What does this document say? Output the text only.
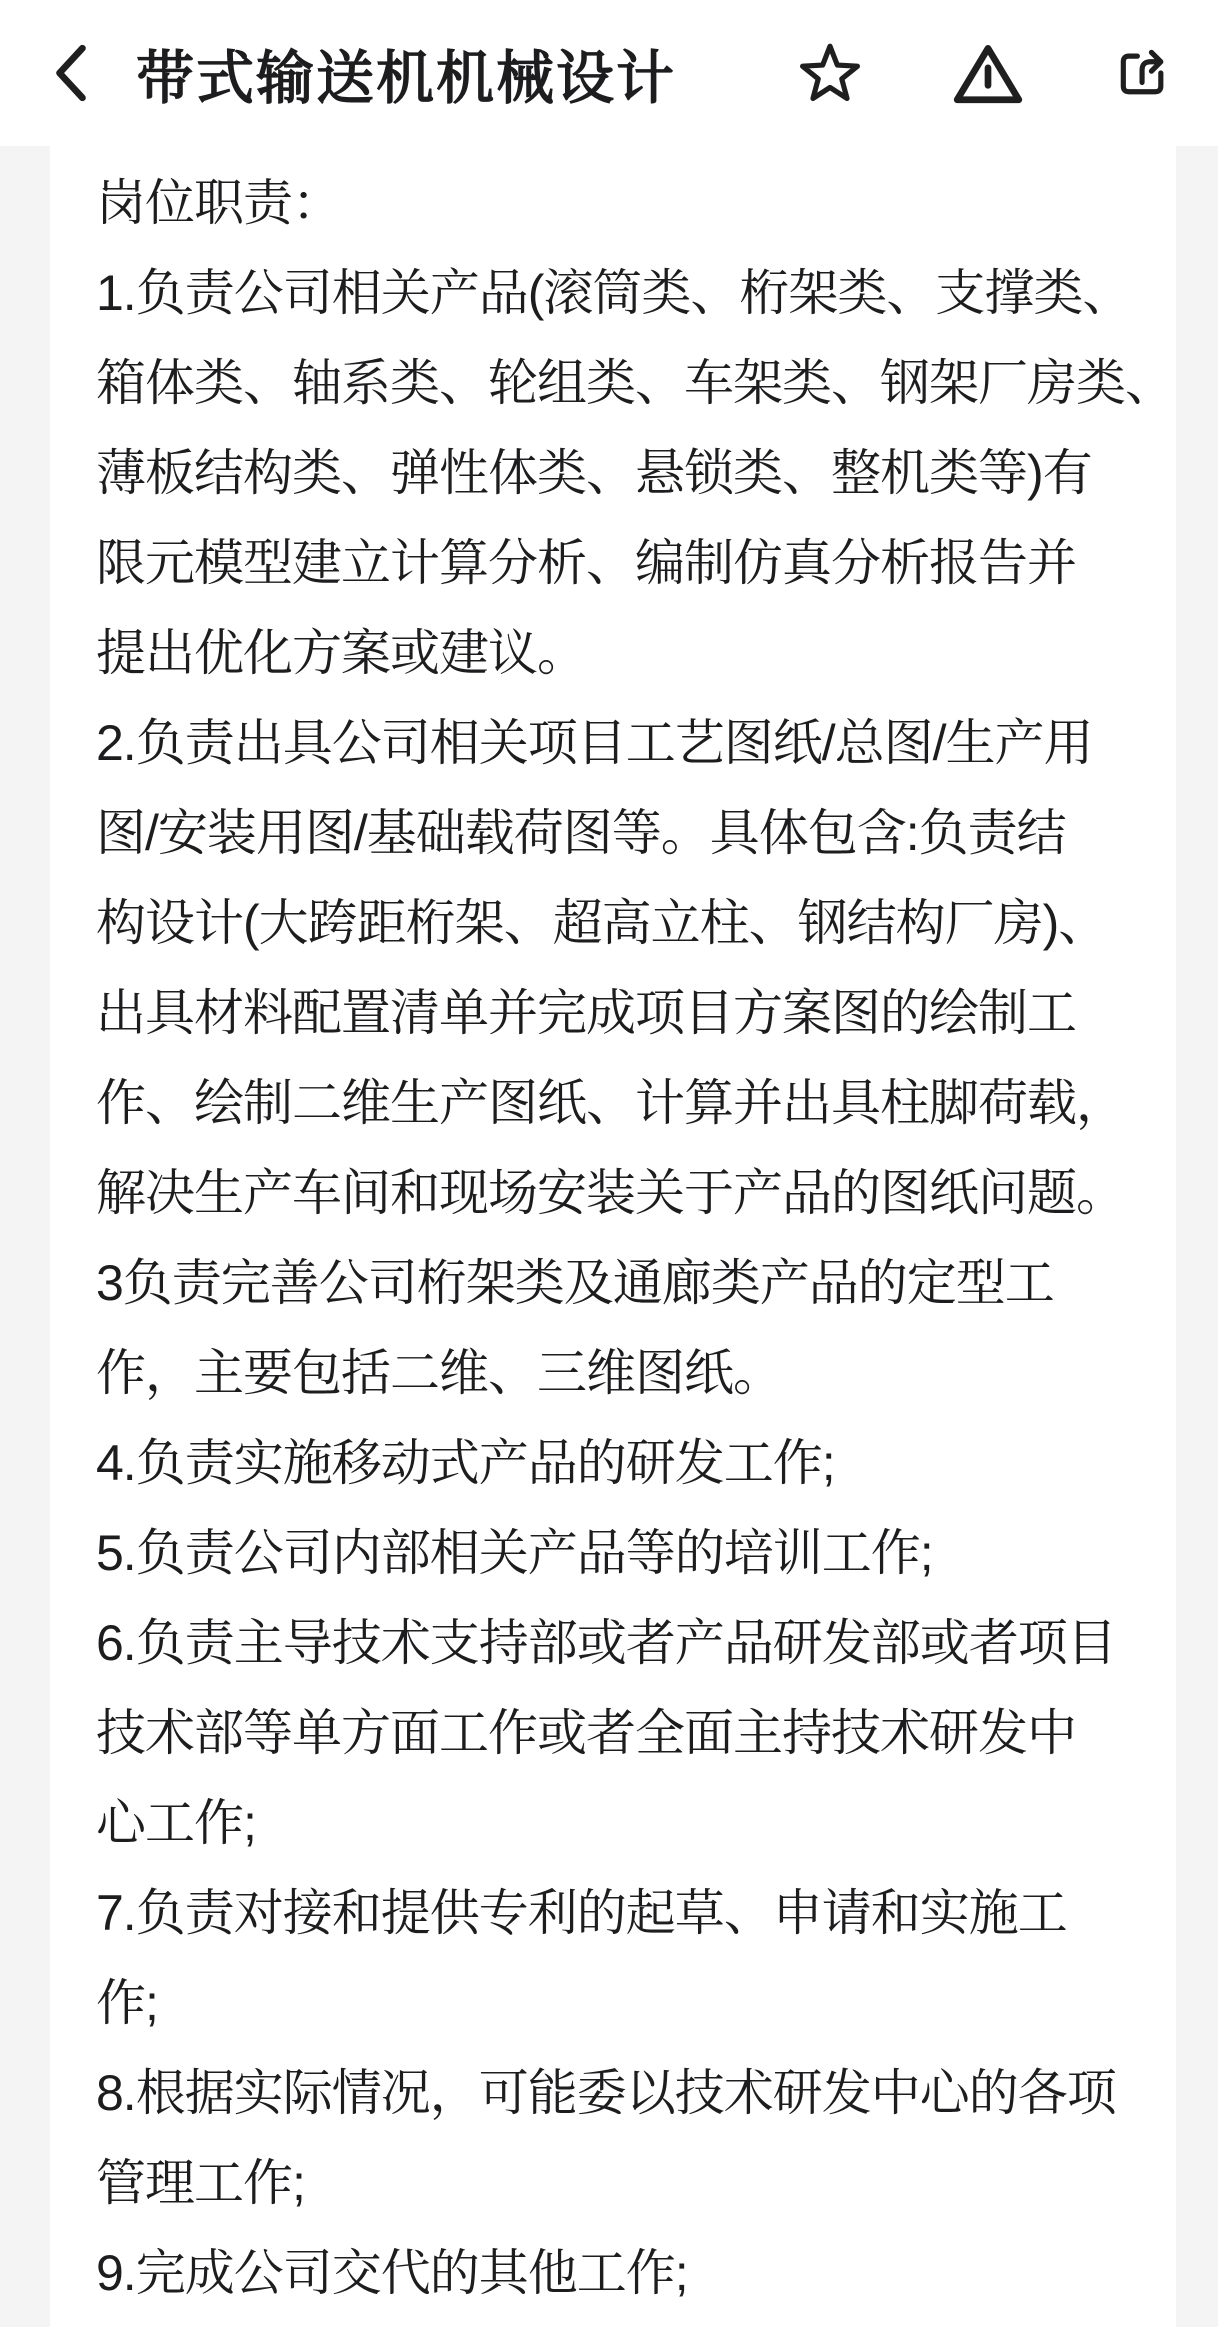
带式输送机机械设计
岗位职责：
1.负责公司相关产品(滚筒类、桁架类、支撑类、
箱体类、轴系类、轮组类、车架类、钢架厂房类、
薄板结构类、弹性体类、悬锁类、整机类等)有
限元模型建立计算分析、编制仿真分析报告并
提出优化方案或建议。
2.负责出具公司相关项目工艺图纸/总图/生产用
图/安装用图/基础载荷图等。具体包含:负责结
构设计(大跨距桁架、超高立柱、钢结构厂房)、
出具材料配置清单并完成项目方案图的绘制工
作、绘制二维生产图纸、计算并出具柱脚荷载，
解决生产车间和现场安装关于产品的图纸问题。
3负责完善公司桁架类及通廊类产品的定型工
作，主要包括二维、三维图纸。
4.负责实施移动式产品的研发工作;
5.负责公司内部相关产品等的培训工作;
6.负责主导技术支持部或者产品研发部或者项目
技术部等单方面工作或者全面主持技术研发中
心工作;
7.负责对接和提供专利的起草、申请和实施工
作;
8.根据实际情况，可能委以技术研发中心的各项
管理工作;
9.完成公司交代的其他工作;
